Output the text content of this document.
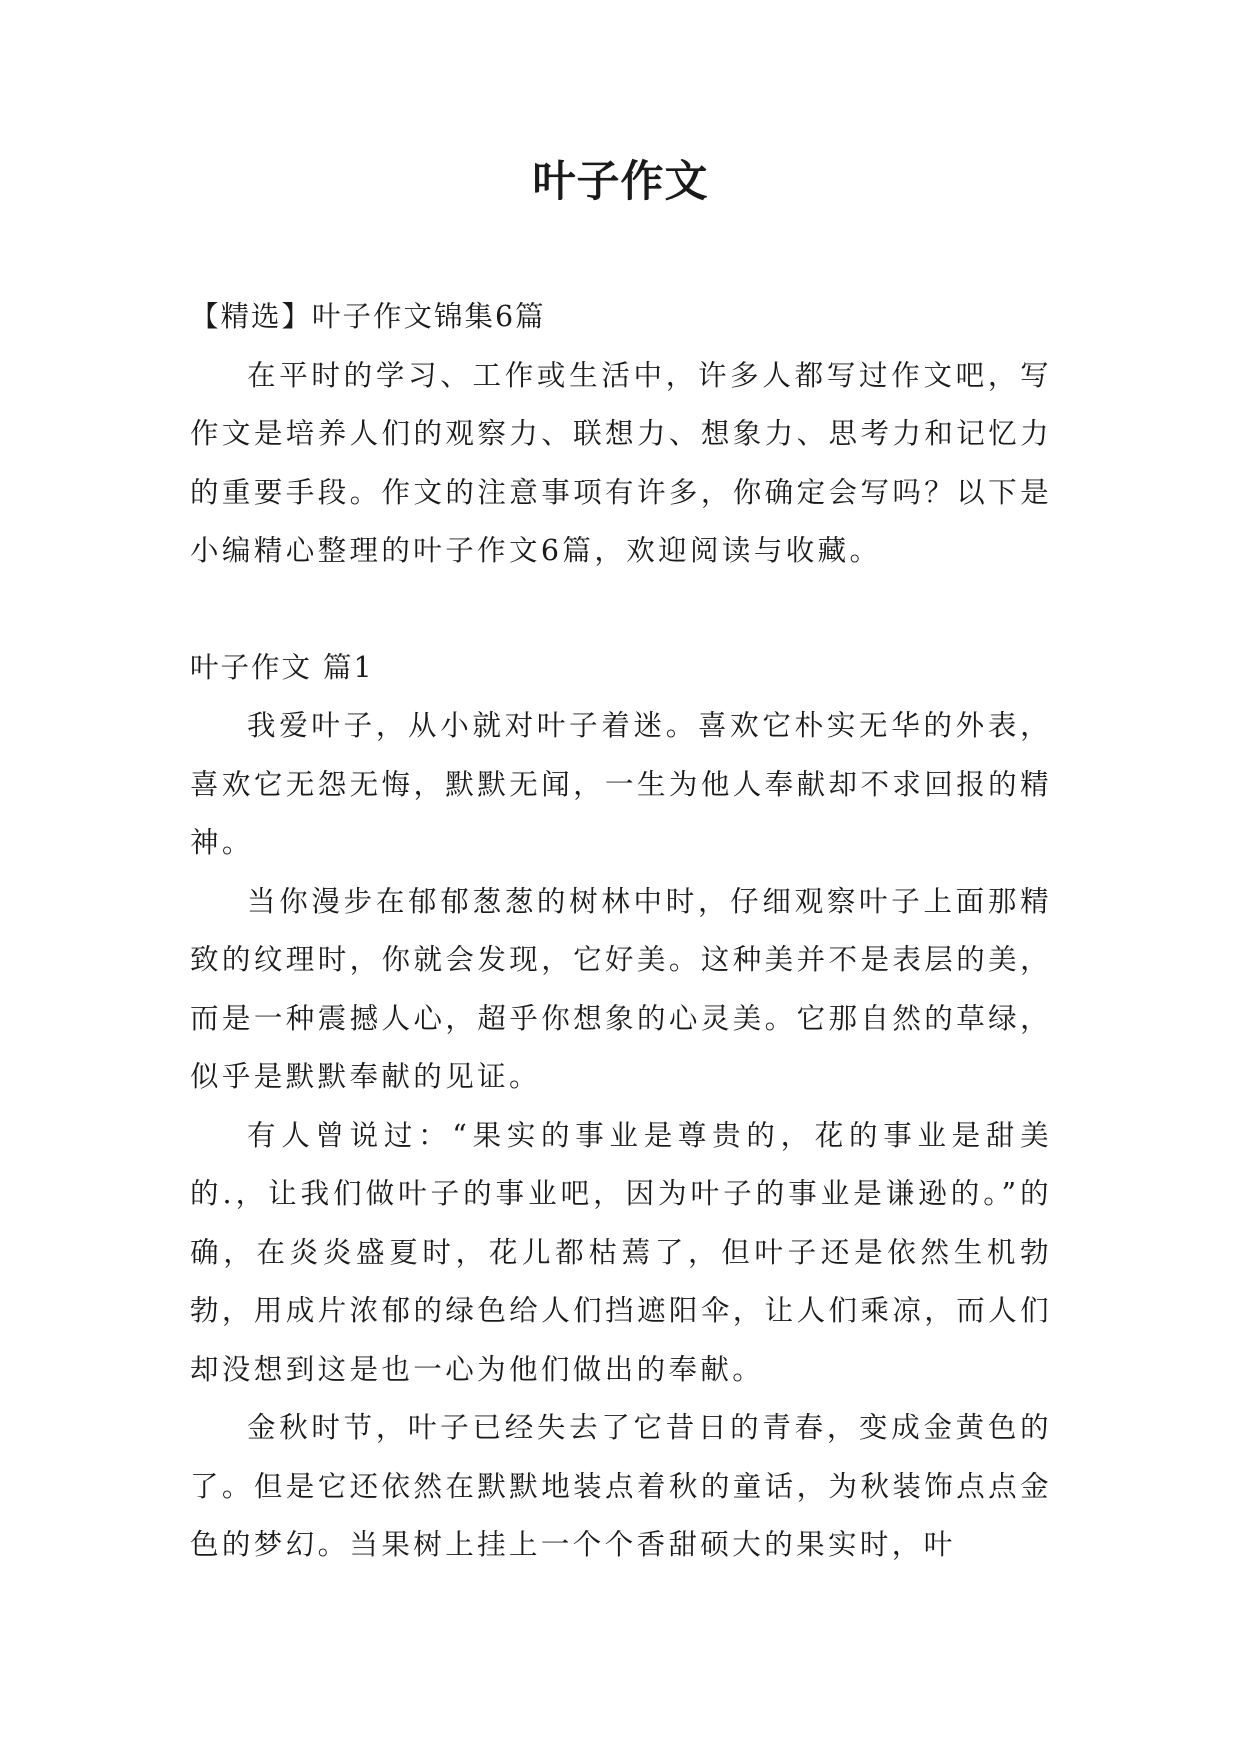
叶子作文

【精选】叶子作文锦集6篇

在平时的学习、工作或生活中，许多人都写过作文吧，写作文是培养人们的观察力、联想力、想象力、思考力和记忆力的重要手段。作文的注意事项有许多，你确定会写吗？以下是小编精心整理的叶子作文6篇，欢迎阅读与收藏。

叶子作文 篇1

我爱叶子，从小就对叶子着迷。喜欢它朴实无华的外表，喜欢它无怨无悔，默默无闻，一生为他人奉献却不求回报的精神。

当你漫步在郁郁葱葱的树林中时，仔细观察叶子上面那精致的纹理时，你就会发现，它好美。这种美并不是表层的美，而是一种震撼人心，超乎你想象的心灵美。它那自然的草绿，似乎是默默奉献的见证。

有人曾说过：“果实的事业是尊贵的，花的事业是甜美的.，让我们做叶子的事业吧，因为叶子的事业是谦逊的。”的确，在炎炎盛夏时，花儿都枯蔫了，但叶子还是依然生机勃勃，用成片浓郁的绿色给人们挡遮阳伞，让人们乘凉，而人们却没想到这是也一心为他们做出的奉献。

金秋时节，叶子已经失去了它昔日的青春，变成金黄色的了。但是它还依然在默默地装点着秋的童话，为秋装饰点点金色的梦幻。当果树上挂上一个个香甜硕大的果实时，叶
